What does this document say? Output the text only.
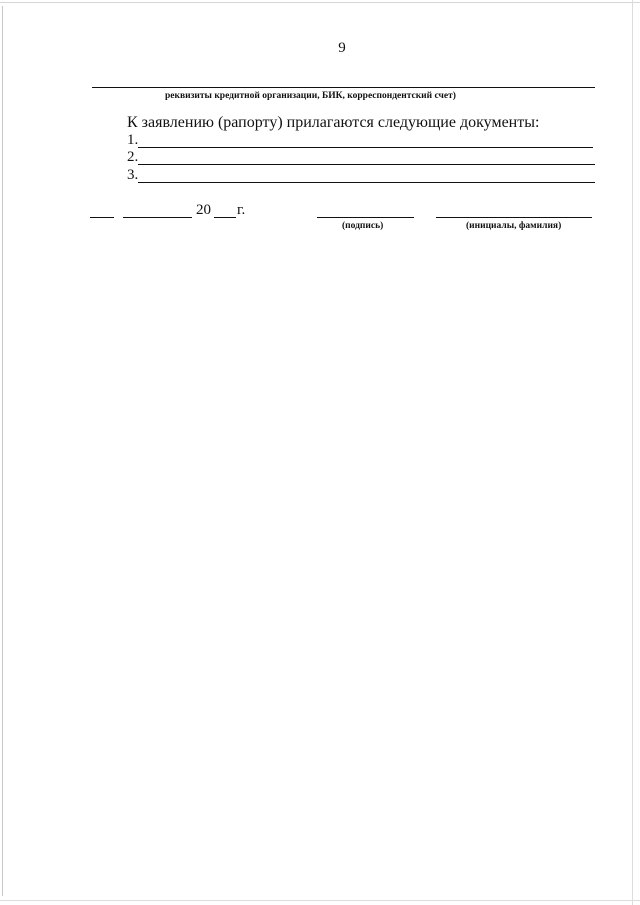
9
реквизиты кредитной организации, БИК, корреспондентский счет)
К заявлению (рапорту) прилагаются следующие документы:
1.
2.
3.
20 г.
(подпись)	(инициалы, фамилия)
